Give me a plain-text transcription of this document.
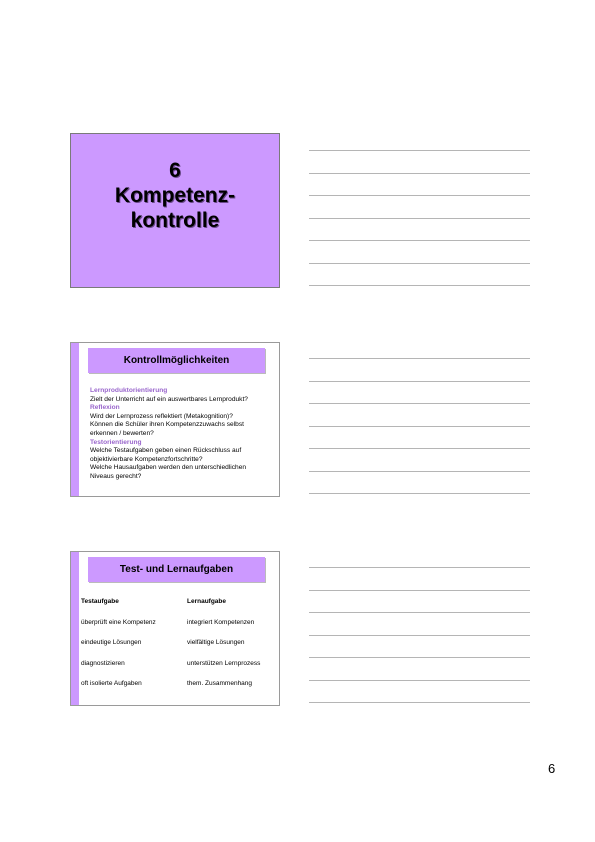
6
Kompetenz-
kontrolle
Kontrollmöglichkeiten
Lernproduktorientierung
Zielt der Unterricht auf ein auswertbares Lernprodukt?
Reflexion
Wird der Lernprozess reflektiert (Metakognition)?
Können die Schüler ihren Kompetenzzuwachs selbst
erkennen / bewerten?
Testorientierung
Welche Testaufgaben geben einen Rückschluss auf
objektivierbare Kompetenzfortschritte?
Welche Hausaufgaben werden den unterschiedlichen
Niveaus gerecht?
Test- und Lernaufgaben
Testaufgabe	Lernaufgabe
überprüft eine Kompetenz	integriert Kompetenzen
eindeutige Lösungen	vielfältige Lösungen
diagnostizieren	unterstützen Lernprozess
oft isolierte Aufgaben	them. Zusammenhang
6
